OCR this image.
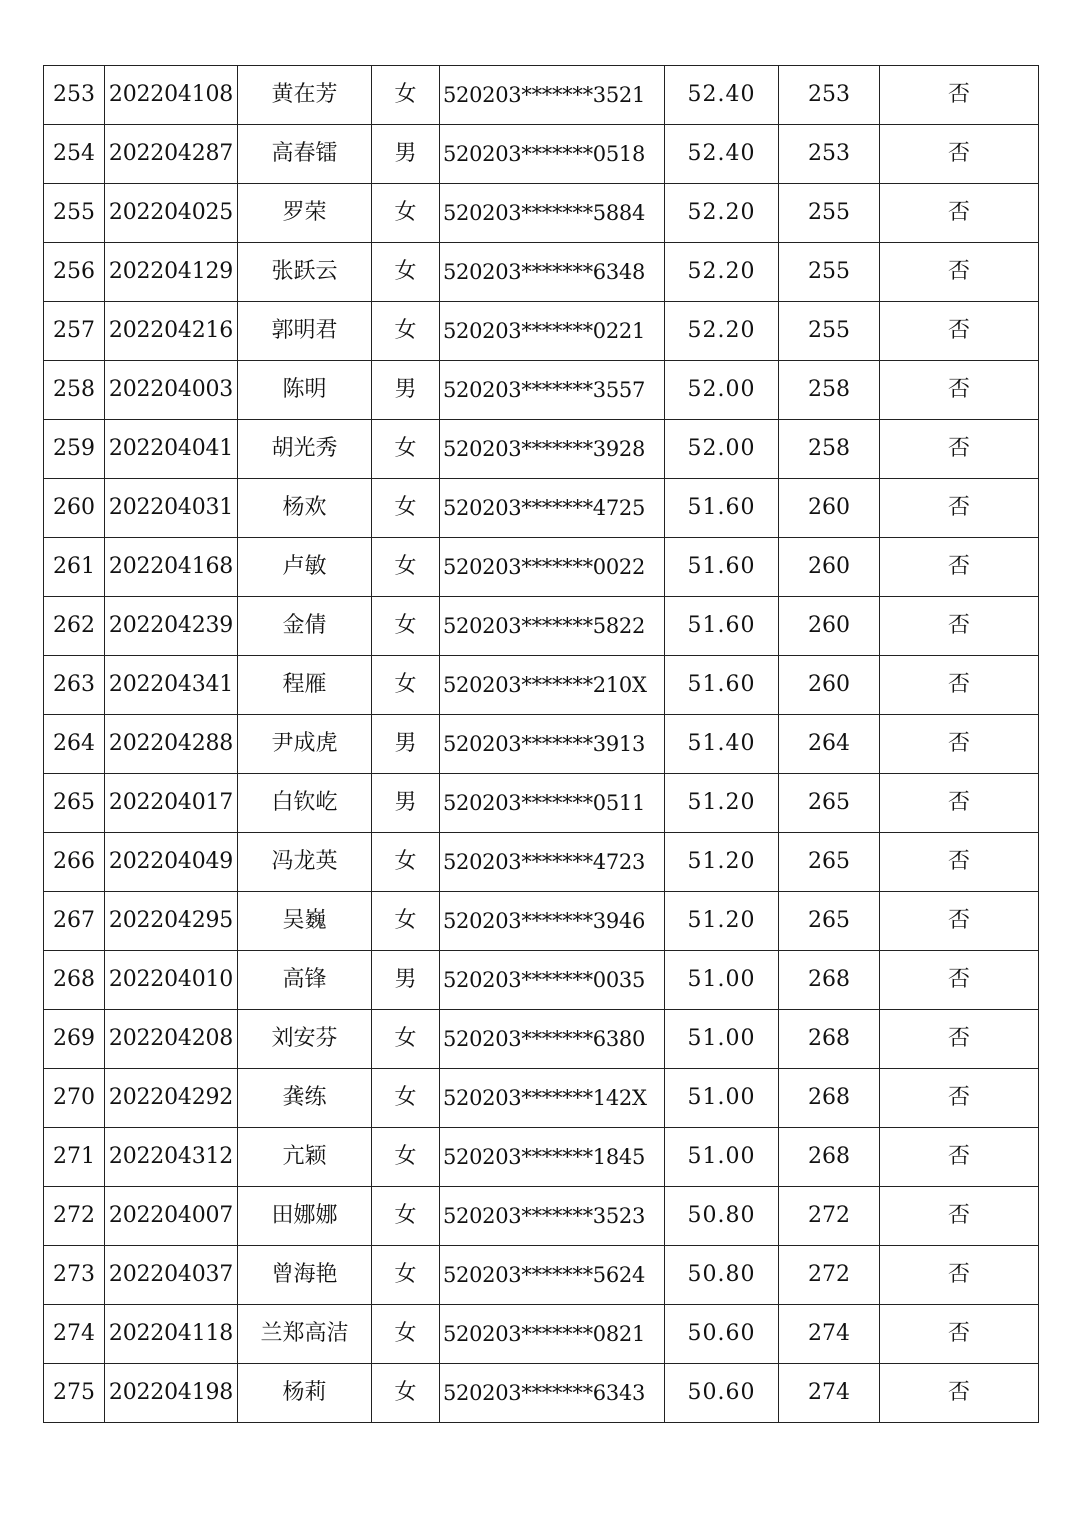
253	202204108	黄在芳	女	520203*******3521	52.40	253	否
254	202204287	高春镭	男	520203*******0518	52.40	253	否
255	202204025	罗荣	女	520203*******5884	52.20	255	否
256	202204129	张跃云	女	520203*******6348	52.20	255	否
257	202204216	郭明君	女	520203*******0221	52.20	255	否
258	202204003	陈明	男	520203*******3557	52.00	258	否
259	202204041	胡光秀	女	520203*******3928	52.00	258	否
260	202204031	杨欢	女	520203*******4725	51.60	260	否
261	202204168	卢敏	女	520203*******0022	51.60	260	否
262	202204239	金倩	女	520203*******5822	51.60	260	否
263	202204341	程雁	女	520203*******210X	51.60	260	否
264	202204288	尹成虎	男	520203*******3913	51.40	264	否
265	202204017	白钦屹	男	520203*******0511	51.20	265	否
266	202204049	冯龙英	女	520203*******4723	51.20	265	否
267	202204295	吴巍	女	520203*******3946	51.20	265	否
268	202204010	高锋	男	520203*******0035	51.00	268	否
269	202204208	刘安芬	女	520203*******6380	51.00	268	否
270	202204292	龚练	女	520203*******142X	51.00	268	否
271	202204312	亢颖	女	520203*******1845	51.00	268	否
272	202204007	田娜娜	女	520203*******3523	50.80	272	否
273	202204037	曾海艳	女	520203*******5624	50.80	272	否
274	202204118	兰郑高洁	女	520203*******0821	50.60	274	否
275	202204198	杨莉	女	520203*******6343	50.60	274	否
